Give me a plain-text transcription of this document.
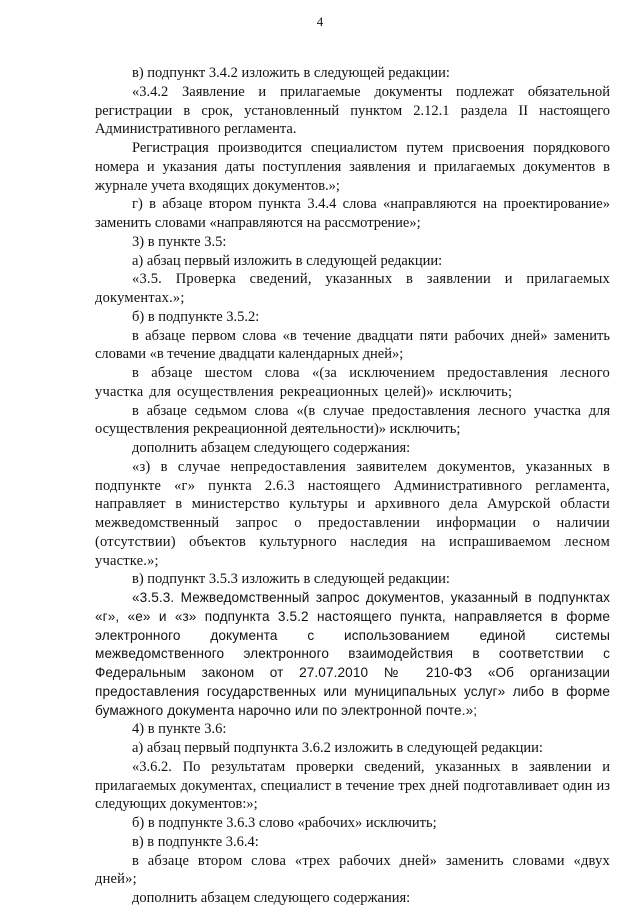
4

в) подпункт 3.4.2 изложить в следующей редакции:

«3.4.2 Заявление и прилагаемые документы подлежат обязательной регистрации в срок, установленный пунктом 2.12.1 раздела II настоящего Административного регламента.

Регистрация производится специалистом путем присвоения порядкового номера и указания даты поступления заявления и прилагаемых документов в журнале учета входящих документов.»;

г) в абзаце втором пункта 3.4.4 слова «направляются на проектирование» заменить словами «направляются на рассмотрение»;

3) в пункте 3.5:

а) абзац первый изложить в следующей редакции:

«3.5. Проверка сведений, указанных в заявлении и прилагаемых документах.»;

б) в подпункте 3.5.2:

в абзаце первом слова «в течение двадцати пяти рабочих дней» заменить словами «в течение двадцати календарных дней»;

в абзаце шестом слова «(за исключением предоставления лесного участка для осуществления рекреационных целей)» исключить;

в абзаце седьмом слова «(в случае предоставления лесного участка для осуществления рекреационной деятельности)» исключить;

дополнить абзацем следующего содержания:

«з) в случае непредоставления заявителем документов, указанных в подпункте «г» пункта 2.6.3 настоящего Административного регламента, направляет в министерство культуры и архивного дела Амурской области межведомственный запрос о предоставлении информации о наличии (отсутствии) объектов культурного наследия на испрашиваемом лесном участке.»;

в) подпункт 3.5.3 изложить в следующей редакции:

«3.5.3. Межведомственный запрос документов, указанный в подпунктах «г», «е» и «з» подпункта 3.5.2 настоящего пункта, направляется в форме электронного документа с использованием единой системы межведомственного электронного взаимодействия в соответствии с Федеральным законом от 27.07.2010 № 210-ФЗ «Об организации предоставления государственных или муниципальных услуг» либо в форме бумажного документа нарочно или по электронной почте.»;

4) в пункте 3.6:

а) абзац первый подпункта 3.6.2 изложить в следующей редакции:

«3.6.2. По результатам проверки сведений, указанных в заявлении и прилагаемых документах, специалист в течение трех дней подготавливает один из следующих документов:»;

б) в подпункте 3.6.3 слово «рабочих» исключить;

в) в подпункте 3.6.4:

в абзаце втором слова «трех рабочих дней» заменить словами «двух дней»;

дополнить абзацем следующего содержания:
